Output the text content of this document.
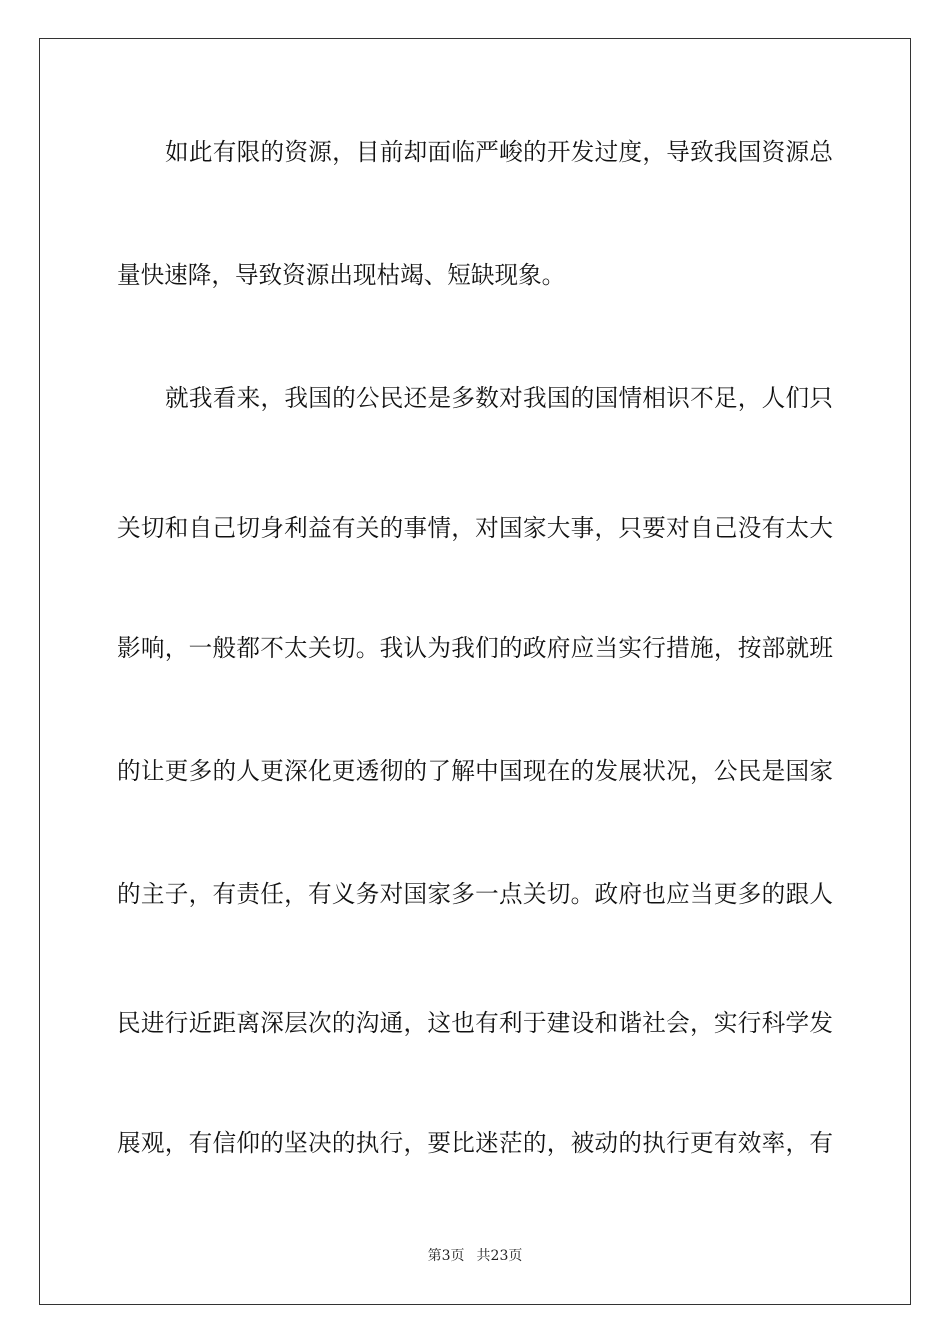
如此有限的资源，目前却面临严峻的开发过度，导致我国资源总
量快速降，导致资源出现枯竭、短缺现象。
就我看来，我国的公民还是多数对我国的国情相识不足，人们只
关切和自己切身利益有关的事情，对国家大事，只要对自己没有太大
影响，一般都不太关切。我认为我们的政府应当实行措施，按部就班
的让更多的人更深化更透彻的了解中国现在的发展状况，公民是国家
的主子，有责任，有义务对国家多一点关切。政府也应当更多的跟人
民进行近距离深层次的沟通，这也有利于建设和谐社会，实行科学发
展观，有信仰的坚决的执行，要比迷茫的，被动的执行更有效率，有
第3页 共23页
